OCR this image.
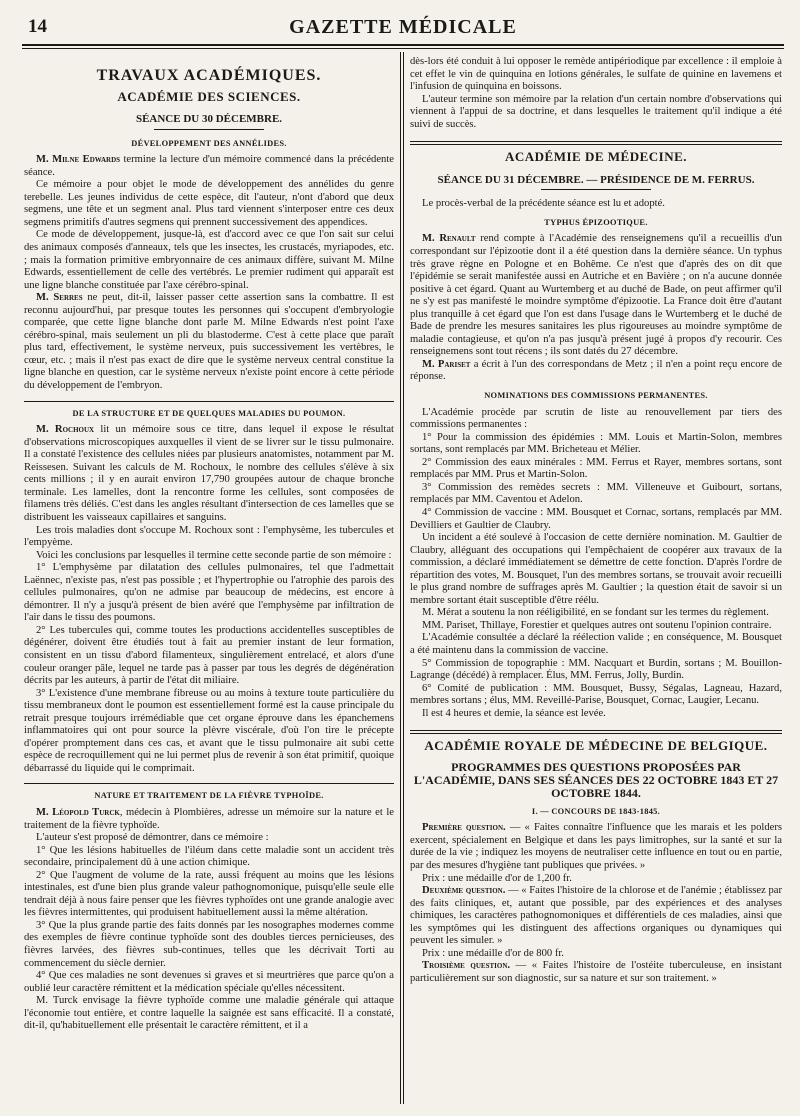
14	GAZETTE MÉDICALE
TRAVAUX ACADÉMIQUES.
ACADÉMIE DES SCIENCES.
SÉANCE DU 30 DÉCEMBRE.
DÉVELOPPEMENT DES ANNÉLIDES.

M. Milne Edwards termine la lecture d'un mémoire commencé dans la précédente séance.

Ce mémoire a pour objet le mode de développement des annélides du genre terebelle. Les jeunes individus de cette espèce, dit l'auteur, n'ont d'abord que deux segmens, une tête et un segment anal. Plus tard viennent s'interposer entre ces deux segmens primitifs d'autres segmens qui prennent successivement des appendices.

Ce mode de développement, jusque-là, est d'accord avec ce que l'on sait sur celui des animaux composés d'anneaux, tels que les insectes, les crustacés, myriapodes, etc. ; mais la formation primitive embryonnaire de ces animaux diffère, suivant M. Milne Edwards, essentiellement de celle des vertébrés. Le premier rudiment qui apparaît est une ligne blanche constituée par l'axe cérébro-spinal.

M. Serres ne peut, dit-il, laisser passer cette assertion sans la combattre. Il est reconnu aujourd'hui, par presque toutes les personnes qui s'occupent d'embryologie comparée, que cette ligne blanche dont parle M. Milne Edwards n'est point l'axe cérébro-spinal, mais seulement un pli du blastoderme. C'est à cette place que paraît plus tard, effectivement, le système nerveux, puis successivement les vertèbres, le cœur, etc. ; mais il n'est pas exact de dire que le système nerveux central constitue la ligne blanche en question, car le système nerveux n'existe point encore à cette période du développement de l'embryon.

DE LA STRUCTURE ET DE QUELQUES MALADIES DU POUMON.

M. Rochoux lit un mémoire sous ce titre, dans lequel il expose le résultat d'observations microscopiques auxquelles il vient de se livrer sur le tissu pulmonaire. Il a constaté l'existence des cellules niées par plusieurs anatomistes, notamment par M. Reissesen. Suivant les calculs de M. Rochoux, le nombre des cellules s'élève à six cents millions ; il y en aurait environ 17,790 groupées autour de chaque bronche terminale. Les lamelles, dont la rencontre forme les cellules, sont composées de filamens très déliés. C'est dans les angles résultant d'intersection de ces lamelles que se distribuent les vaisseaux capillaires et sanguins.

Les trois maladies dont s'occupe M. Rochoux sont : l'emphysème, les tubercules et l'empyème.

Voici les conclusions par lesquelles il termine cette seconde partie de son mémoire :

1° L'emphysème par dilatation des cellules pulmonaires, tel que l'admettait Laënnec, n'existe pas, n'est pas possible ; et l'hypertrophie ou l'atrophie des parois des cellules pulmonaires, qu'on ne admise par beaucoup de médecins, est encore à démontrer. Il n'y a jusqu'à présent de bien avéré que l'emphysème par infiltration de l'air dans le tissu des poumons.

2° Les tubercules qui, comme toutes les productions accidentelles susceptibles de dégénérer, doivent être étudiés tout à fait au premier instant de leur formation, consistent en un tissu d'abord filamenteux, singulièrement entrelacé, et alors d'une couleur oranger pâle, lequel ne tarde pas à passer par tous les degrés de dégénération décrits par les auteurs, à partir de l'état dit miliaire.

3° L'existence d'une membrane fibreuse ou au moins à texture toute particulière du tissu membraneux dont le poumon est essentiellement formé est la cause principale du retrait presque toujours irrémédiable que cet organe éprouve dans les épanchemens inflammatoires qui ont pour source la plèvre viscérale, d'où l'on tire le précepte d'opérer promptement dans ces cas, et avant que le tissu pulmonaire ait subi cette espèce de recroquillement qui ne lui permet plus de revenir à son état primitif, quoique débarrassé du liquide qui le comprimait.

NATURE ET TRAITEMENT DE LA FIÈVRE TYPHOÏDE.

M. Léopold Turck, médecin à Plombières, adresse un mémoire sur la nature et le traitement de la fièvre typhoïde.

L'auteur s'est proposé de démontrer, dans ce mémoire :

1° Que les lésions habituelles de l'iléum dans cette maladie sont un accident très secondaire, principalement dû à une action chimique.

2° Que l'augment de volume de la rate, aussi fréquent au moins que les lésions intestinales, est d'une bien plus grande valeur pathognomonique, puisqu'elle seule elle tendrait déjà à nous faire penser que les fièvres typhoïdes ont une grande analogie avec les fièvres intermittentes, qui produisent habituellement aussi la même altération.

3° Que la plus grande partie des faits donnés par les nosographes modernes comme des exemples de fièvre continue typhoïde sont des doubles tierces pernicieuses, des fièvres larvées, des fièvres sub-continues, telles que les décrivait Torti au commencement du siècle dernier.

4° Que ces maladies ne sont devenues si graves et si meurtrières que parce qu'on a oublié leur caractère rémittent et la médication spéciale qu'elles nécessitent.

M. Turck envisage la fièvre typhoïde comme une maladie générale qui attaque l'économie tout entière, et contre laquelle la saignée est sans efficacité. Il a constaté, dit-il, qu'habituellement elle présentait le caractère rémittent, et il a

dès-lors été conduit à lui opposer le remède antipériodique par excellence : il emploie à cet effet le vin de quinquina en lotions générales, le sulfate de quinine en lavemens et l'infusion de quinquina en boissons.

L'auteur termine son mémoire par la relation d'un certain nombre d'observations qui viennent à l'appui de sa doctrine, et dans lesquelles le traitement qu'il indique a été suivi de succès.

ACADÉMIE DE MÉDECINE.
SÉANCE DU 31 DÉCEMBRE. — PRÉSIDENCE DE M. FERRUS.

Le procès-verbal de la précédente séance est lu et adopté.

TYPHUS ÉPIZOOTIQUE.

M. Renault rend compte à l'Académie des renseignemens qu'il a recueillis d'un correspondant sur l'épizootie dont il a été question dans la dernière séance. Un typhus très grave règne en Pologne et en Bohême. Ce n'est que d'après des on dit que l'épidémie se serait manifestée aussi en Autriche et en Bavière ; on n'a aucune donnée positive à cet égard. Quant au Wurtemberg et au duché de Bade, on peut affirmer qu'il ne s'y est pas manifesté le moindre symptôme d'épizootie. La France doit être d'autant plus tranquille à cet égard que l'on est dans l'usage dans le Wurtemberg et le duché de Bade de prendre les mesures sanitaires les plus rigoureuses au moindre symptôme de maladie contagieuse, et qu'on n'a pas jusqu'à présent jugé à propos d'y recourir. Ces renseignemens sont tout récens ; ils sont datés du 27 décembre.

M. Pariset a écrit à l'un des correspondans de Metz ; il n'en a point reçu encore de réponse.

NOMINATIONS DES COMMISSIONS PERMANENTES.

L'Académie procède par scrutin de liste au renouvellement par tiers des commissions permanentes :

1° Pour la commission des épidémies : MM. Louis et Martin-Solon, membres sortans, sont remplacés par MM. Bricheteau et Mélier.

2° Commission des eaux minérales : MM. Ferrus et Rayer, membres sortans, sont remplacés par MM. Prus et Martin-Solon.

3° Commission des remèdes secrets : MM. Villeneuve et Guibourt, sortans, remplacés par MM. Caventou et Adelon.

4° Commission de vaccine : MM. Bousquet et Cornac, sortans, remplacés par MM. Devilliers et Gaultier de Claubry.

Un incident a été soulevé à l'occasion de cette dernière nomination. M. Gaultier de Claubry, alléguant des occupations qui l'empêchaient de coopérer aux travaux de la commission, a déclaré immédiatement se démettre de cette fonction. D'après l'ordre de répartition des votes, M. Bousquet, l'un des membres sortans, se trouvait avoir recueilli le plus grand nombre de suffrages après M. Gaultier ; la question était de savoir si un membre sortant était susceptible d'être réélu.

M. Mérat a soutenu la non rééligibilité, en se fondant sur les termes du règlement.

MM. Pariset, Thillaye, Forestier et quelques autres ont soutenu l'opinion contraire.

L'Académie consultée a déclaré la réélection valide ; en conséquence, M. Bousquet a été maintenu dans la commission de vaccine.

5° Commission de topographie : MM. Nacquart et Burdin, sortans ; M. Bouillon-Lagrange (décédé) à remplacer. Élus, MM. Ferrus, Jolly, Burdin.

6° Comité de publication : MM. Bousquet, Bussy, Ségalas, Lagneau, Hazard, membres sortans ; élus, MM. Reveillé-Parise, Bousquet, Cornac, Laugier, Lecanu.

Il est 4 heures et demie, la séance est levée.

ACADÉMIE ROYALE DE MÉDECINE DE BELGIQUE.
PROGRAMMES DES QUESTIONS PROPOSÉES PAR L'ACADÉMIE, DANS SES SÉANCES DES 22 OCTOBRE 1843 ET 27 OCTOBRE 1844.
I. — CONCOURS DE 1843-1845.

Première question. — « Faites connaître l'influence que les marais et les polders exercent, spécialement en Belgique et dans les pays limitrophes, sur la santé et sur la durée de la vie ; indiquez les moyens de neutraliser cette influence en tout ou en partie, par des mesures d'hygiène tant publiques que privées. »

Prix : une médaille d'or de 1,200 fr.

Deuxième question. — « Faites l'histoire de la chlorose et de l'anémie ; établissez par des faits cliniques, et, autant que possible, par des expériences et des analyses chimiques, les caractères pathognomoniques et différentiels de ces maladies, ainsi que les symptômes qui les distinguent des affections organiques ou dynamiques qui peuvent les simuler. »

Prix : une médaille d'or de 800 fr.

Troisième question. — « Faites l'histoire de l'ostéite tuberculeuse, en insistant particulièrement sur son diagnostic, sur sa nature et sur son traitement. »
